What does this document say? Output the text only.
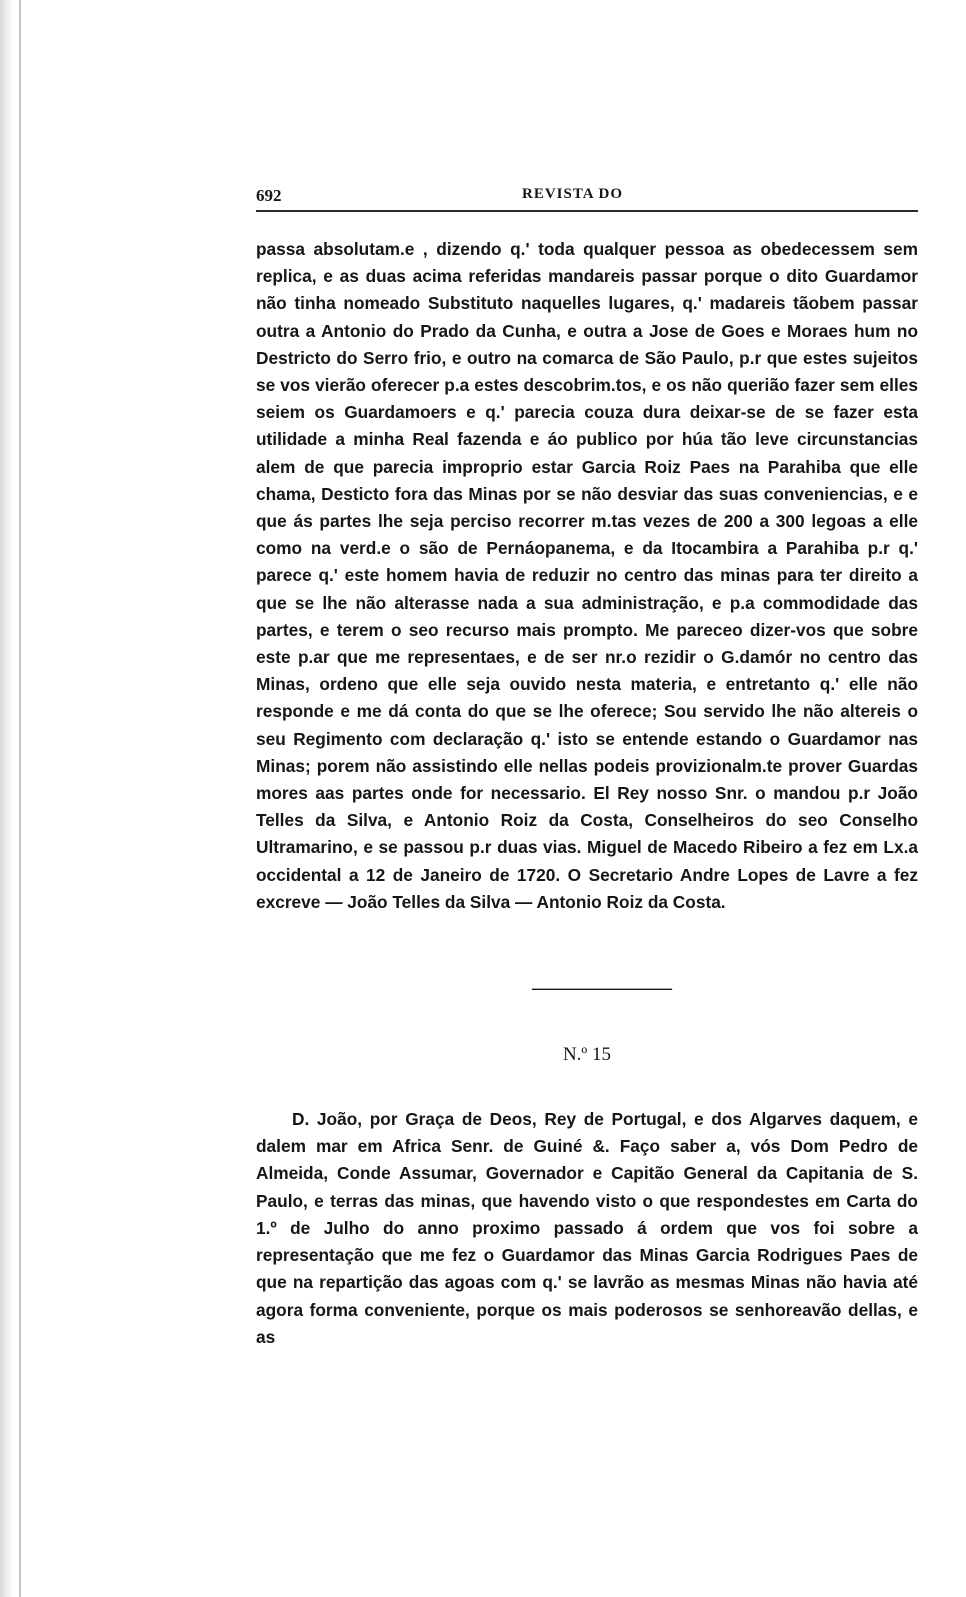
692	REVISTA DO

passa absolutam.e , dizendo q.' toda qualquer pessoa as obedecessem sem replica, e as duas acima referidas mandareis passar porque o dito Guardamor não tinha nomeado Substituto naquelles lugares, q.' madareis tãobem passar outra a Antonio do Prado da Cunha, e outra a Jose de Goes e Moraes hum no Destricto do Serro frio, e outro na comarca de São Paulo, p.r que estes sujeitos se vos vierão oferecer p.a estes descobrim.tos, e os não querião fazer sem elles seiem os Guardamoers e q.' parecia couza dura deixar-se de se fazer esta utilidade a minha Real fazenda e áo publico por húa tão leve circunstancias alem de que parecia improprio estar Garcia Roiz Paes na Parahiba que elle chama, Desticto fora das Minas por se não desviar das suas conveniencias, e e que ás partes lhe seja perciso recorrer m.tas vezes de 200 a 300 legoas a elle como na verd.e o são de Pernáopanema, e da Itocambira a Parahiba p.r q.' parece q.' este homem havia de reduzir no centro das minas para ter direito a que se lhe não alterasse nada a sua administração, e p.a commodidade das partes, e terem o seo recurso mais prompto. Me pareceo dizer-vos que sobre este p.ar que me representaes, e de ser nr.o rezidir o G.damór no centro das Minas, ordeno que elle seja ouvido nesta materia, e entretanto q.' elle não responde e me dá conta do que se lhe oferece; Sou servido lhe não altereis o seu Regimento com declaração q.' isto se entende estando o Guardamor nas Minas; porem não assistindo elle nellas podeis provizionalm.te prover Guardas mores aas partes onde for necessario. El Rey nosso Snr. o mandou p.r João Telles da Silva, e Antonio Roiz da Costa, Conselheiros do seo Conselho Ultramarino, e se passou p.r duas vias. Miguel de Macedo Ribeiro a fez em Lx.a occidental a 12 de Janeiro de 1720. O Secretario Andre Lopes de Lavre a fez excreve — João Telles da Silva — Antonio Roiz da Costa.

———————
N.º 15

D. João, por Graça de Deos, Rey de Portugal, e dos Algarves daquem, e dalem mar em Africa Senr. de Guiné &. Faço saber a, vós Dom Pedro de Almeida, Conde Assumar, Governador e Capitão General da Capitania de S. Paulo, e terras das minas, que havendo visto o que respondestes em Carta do 1.º de Julho do anno proximo passado á ordem que vos foi sobre a representação que me fez o Guardamor das Minas Garcia Rodrigues Paes de que na repartição das agoas com q.' se lavrão as mesmas Minas não havia até agora forma conveniente, porque os mais poderosos se senhoreavão dellas, e as
